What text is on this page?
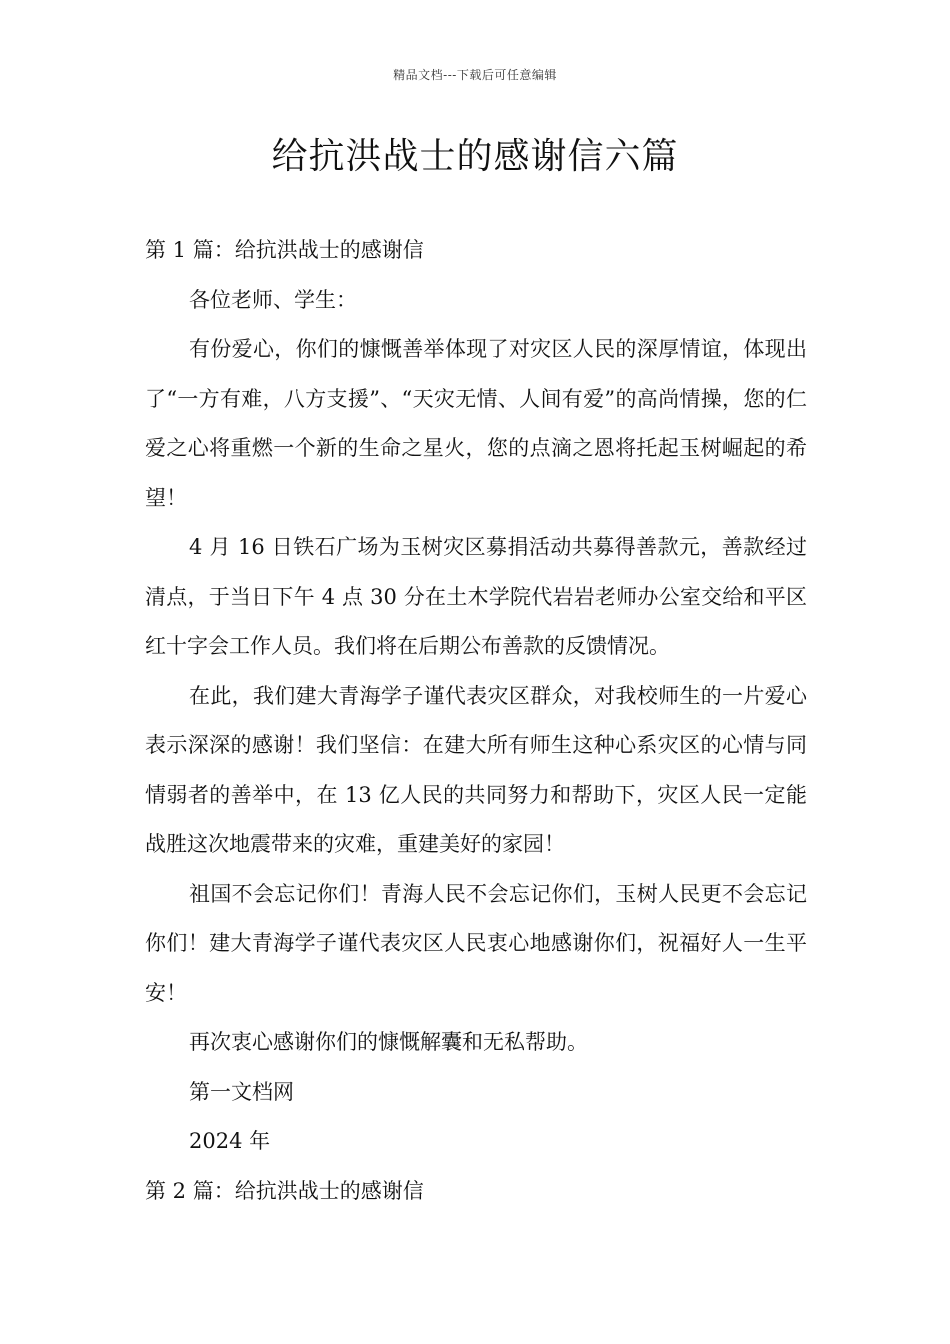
精品文档---下载后可任意编辑
给抗洪战士的感谢信六篇

第 1 篇：给抗洪战士的感谢信

各位老师、学生：

有份爱心，你们的慷慨善举体现了对灾区人民的深厚情谊，体现出了“一方有难，八方支援”、“天灾无情、人间有爱”的高尚情操，您的仁爱之心将重燃一个新的生命之星火，您的点滴之恩将托起玉树崛起的希望！

4 月 16 日铁石广场为玉树灾区募捐活动共募得善款元，善款经过清点，于当日下午 4 点 30 分在土木学院代岩岩老师办公室交给和平区红十字会工作人员。我们将在后期公布善款的反馈情况。

在此，我们建大青海学子谨代表灾区群众，对我校师生的一片爱心表示深深的感谢！我们坚信：在建大所有师生这种心系灾区的心情与同情弱者的善举中，在 13 亿人民的共同努力和帮助下，灾区人民一定能战胜这次地震带来的灾难，重建美好的家园！

祖国不会忘记你们！青海人民不会忘记你们，玉树人民更不会忘记你们！建大青海学子谨代表灾区人民衷心地感谢你们，祝福好人一生平安！

再次衷心感谢你们的慷慨解囊和无私帮助。

第一文档网

2024 年

第 2 篇：给抗洪战士的感谢信
